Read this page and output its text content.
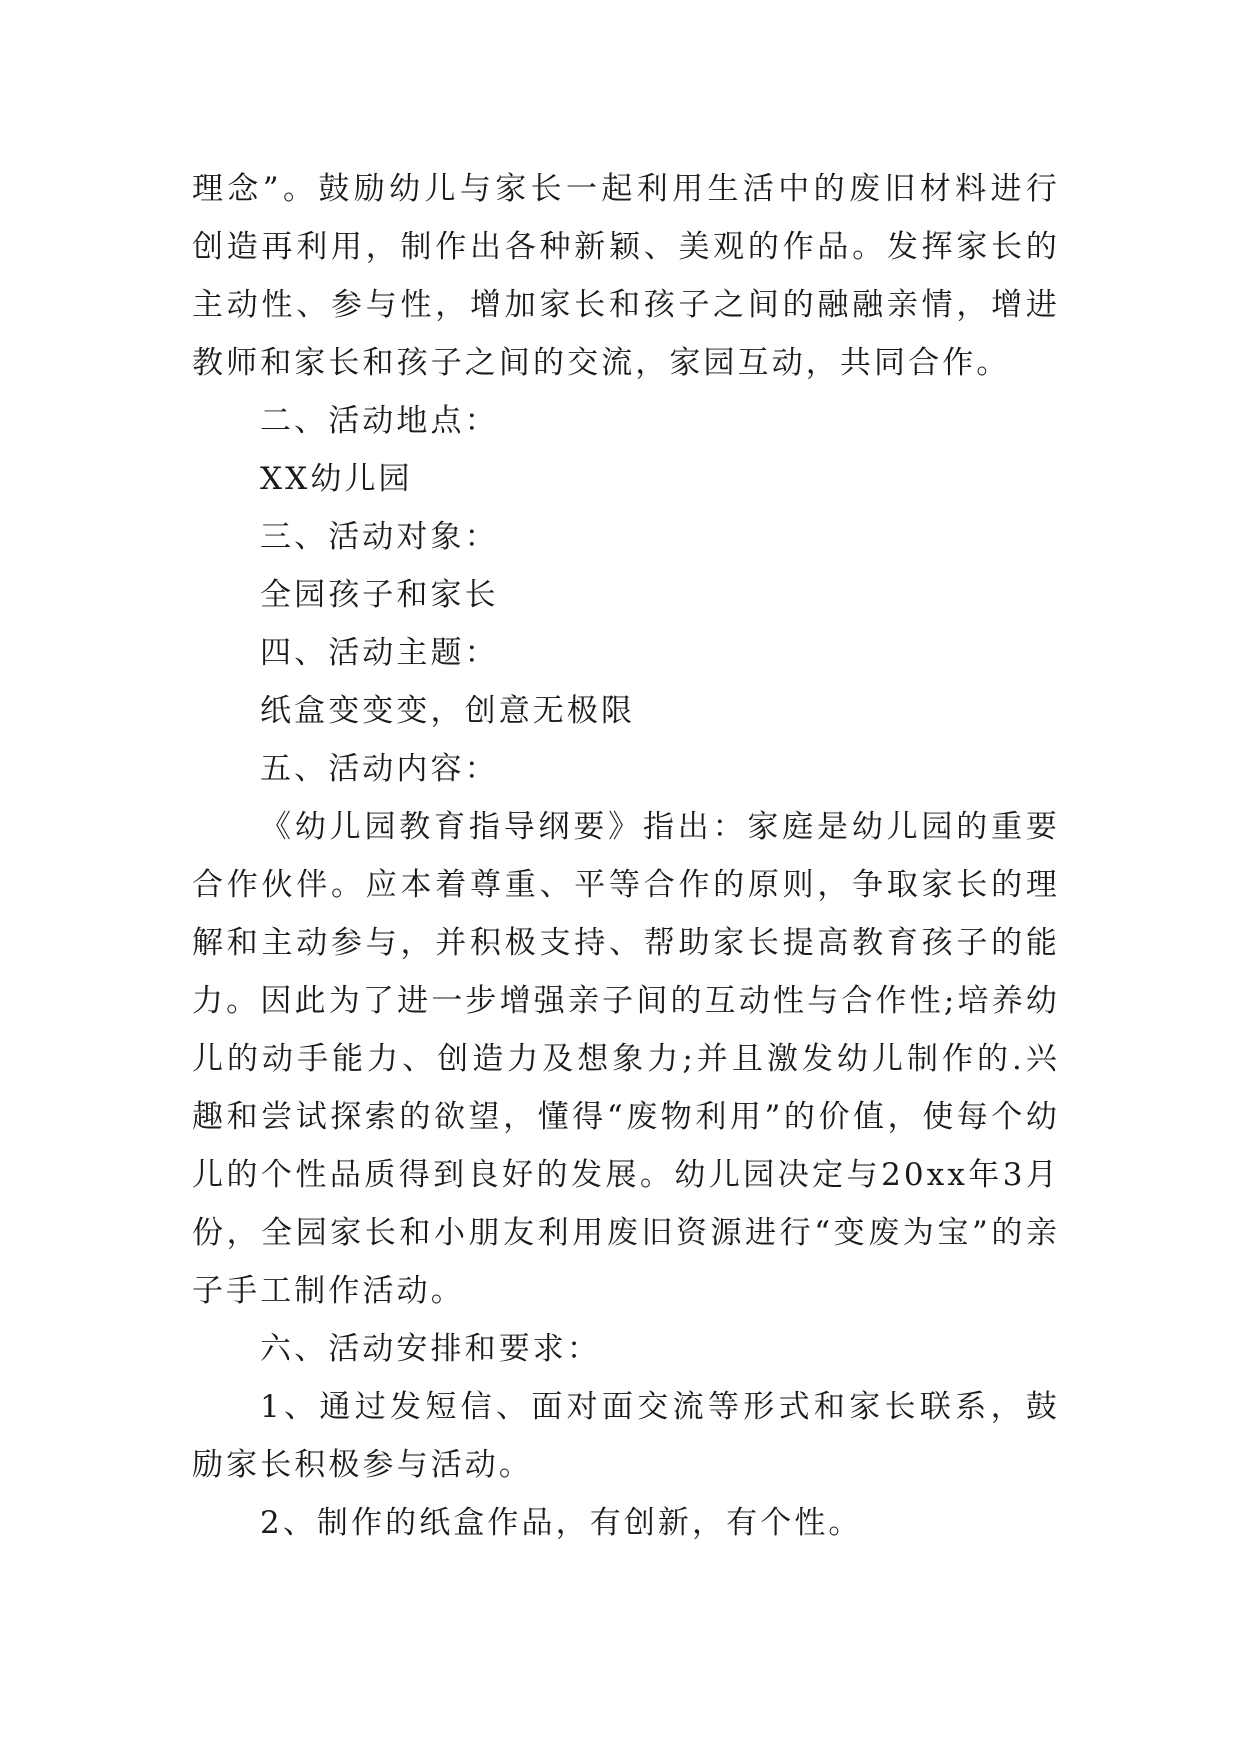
理念”。鼓励幼儿与家长一起利用生活中的废旧材料进行创造再利用，制作出各种新颖、美观的作品。发挥家长的主动性、参与性，增加家长和孩子之间的融融亲情，增进教师和家长和孩子之间的交流，家园互动，共同合作。

二、活动地点：

XX幼儿园

三、活动对象：

全园孩子和家长

四、活动主题：

纸盒变变变，创意无极限

五、活动内容：

《幼儿园教育指导纲要》指出：家庭是幼儿园的重要合作伙伴。应本着尊重、平等合作的原则，争取家长的理解和主动参与，并积极支持、帮助家长提高教育孩子的能力。因此为了进一步增强亲子间的互动性与合作性;培养幼儿的动手能力、创造力及想象力;并且激发幼儿制作的.兴趣和尝试探索的欲望，懂得“废物利用”的价值，使每个幼儿的个性品质得到良好的发展。幼儿园决定与20xx年3月份，全园家长和小朋友利用废旧资源进行“变废为宝”的亲子手工制作活动。

六、活动安排和要求：

1、通过发短信、面对面交流等形式和家长联系，鼓励家长积极参与活动。

2、制作的纸盒作品，有创新，有个性。
